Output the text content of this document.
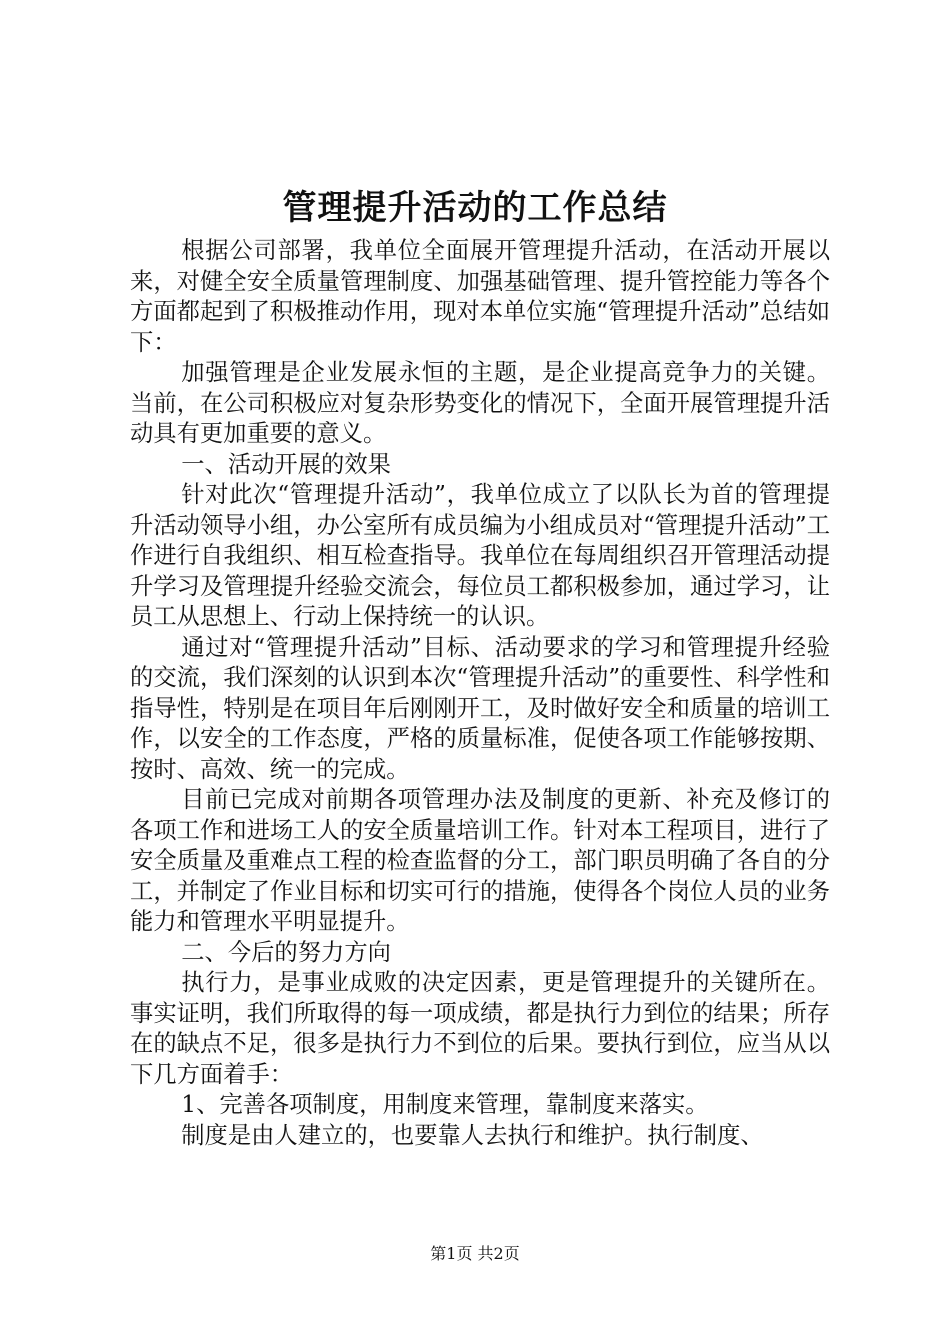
管理提升活动的工作总结

根据公司部署，我单位全面展开管理提升活动，在活动开展以来，对健全安全质量管理制度、加强基础管理、提升管控能力等各个方面都起到了积极推动作用，现对本单位实施“管理提升活动”总结如下：

加强管理是企业发展永恒的主题，是企业提高竞争力的关键。当前，在公司积极应对复杂形势变化的情况下，全面开展管理提升活动具有更加重要的意义。

一、活动开展的效果

针对此次“管理提升活动”，我单位成立了以队长为首的管理提升活动领导小组，办公室所有成员编为小组成员对“管理提升活动”工作进行自我组织、相互检查指导。我单位在每周组织召开管理活动提升学习及管理提升经验交流会，每位员工都积极参加，通过学习，让员工从思想上、行动上保持统一的认识。

通过对“管理提升活动”目标、活动要求的学习和管理提升经验的交流，我们深刻的认识到本次“管理提升活动”的重要性、科学性和指导性，特别是在项目年后刚刚开工，及时做好安全和质量的培训工作，以安全的工作态度，严格的质量标准，促使各项工作能够按期、按时、高效、统一的完成。

目前已完成对前期各项管理办法及制度的更新、补充及修订的各项工作和进场工人的安全质量培训工作。针对本工程项目，进行了安全质量及重难点工程的检查监督的分工，部门职员明确了各自的分工，并制定了作业目标和切实可行的措施，使得各个岗位人员的业务能力和管理水平明显提升。

二、今后的努力方向

执行力，是事业成败的决定因素，更是管理提升的关键所在。事实证明，我们所取得的每一项成绩，都是执行力到位的结果；所存在的缺点不足，很多是执行力不到位的后果。要执行到位，应当从以下几方面着手：

1、完善各项制度，用制度来管理，靠制度来落实。

制度是由人建立的，也要靠人去执行和维护。执行制度、

第1页 共2页
